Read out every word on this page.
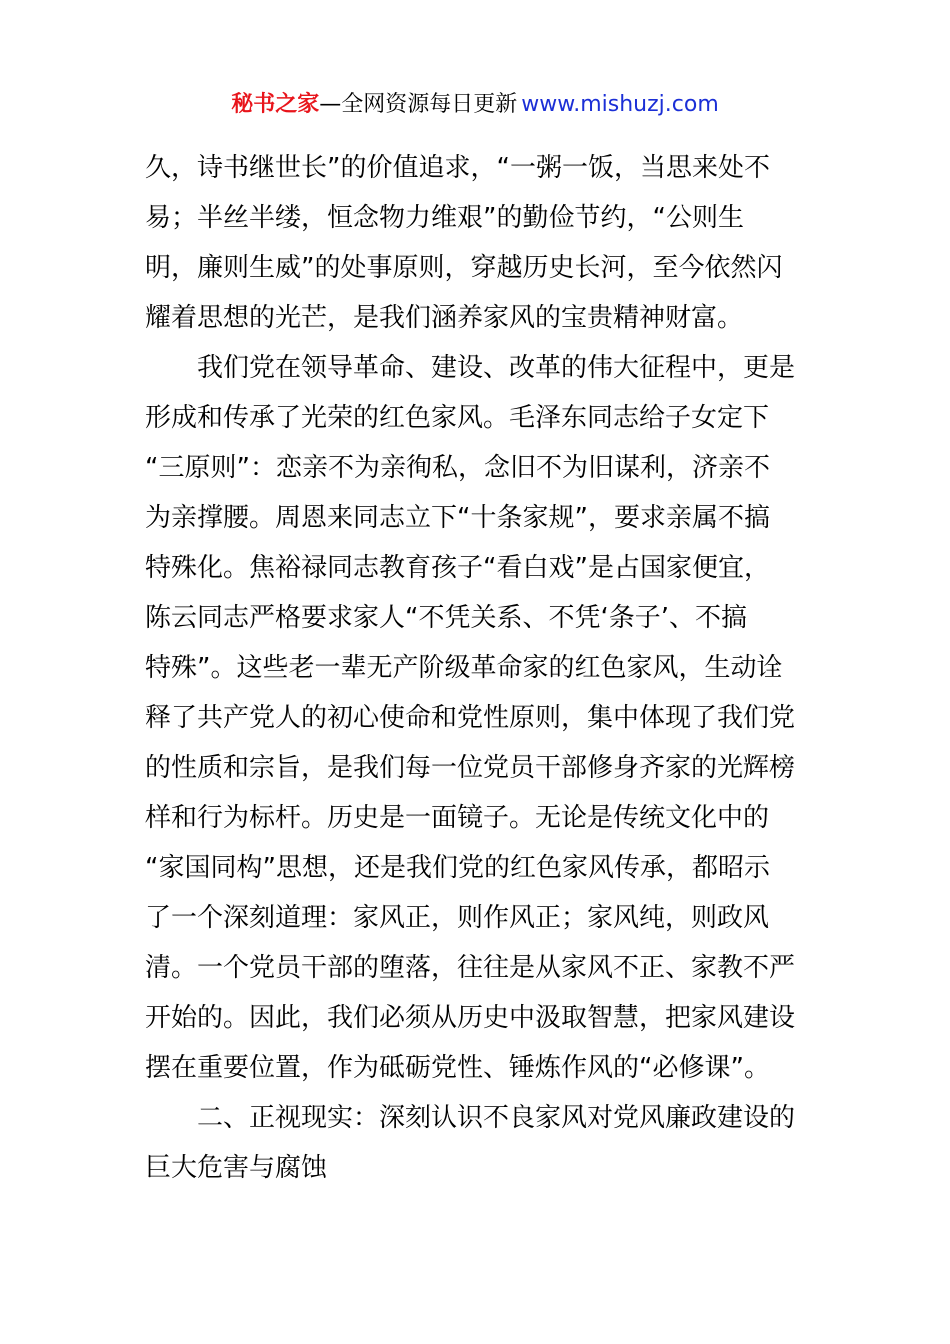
秘书之家—全网资源每日更新 www.mishuzj.com
久，诗书继世长”的价值追求，“一粥一饭，当思来处不
易；半丝半缕，恒念物力维艰”的勤俭节约，“公则生
明，廉则生威”的处事原则，穿越历史长河，至今依然闪
耀着思想的光芒，是我们涵养家风的宝贵精神财富。
　　我们党在领导革命、建设、改革的伟大征程中，更是
形成和传承了光荣的红色家风。毛泽东同志给子女定下
“三原则”：恋亲不为亲徇私，念旧不为旧谋利，济亲不
为亲撑腰。周恩来同志立下“十条家规”，要求亲属不搞
特殊化。焦裕禄同志教育孩子“看白戏”是占国家便宜，
陈云同志严格要求家人“不凭关系、不凭‘条子’、不搞
特殊”。这些老一辈无产阶级革命家的红色家风，生动诠
释了共产党人的初心使命和党性原则，集中体现了我们党
的性质和宗旨，是我们每一位党员干部修身齐家的光辉榜
样和行为标杆。历史是一面镜子。无论是传统文化中的
“家国同构”思想，还是我们党的红色家风传承，都昭示
了一个深刻道理：家风正，则作风正；家风纯，则政风
清。一个党员干部的堕落，往往是从家风不正、家教不严
开始的。因此，我们必须从历史中汲取智慧，把家风建设
摆在重要位置，作为砥砺党性、锤炼作风的“必修课”。
　　二、正视现实：深刻认识不良家风对党风廉政建设的
巨大危害与腐蚀
